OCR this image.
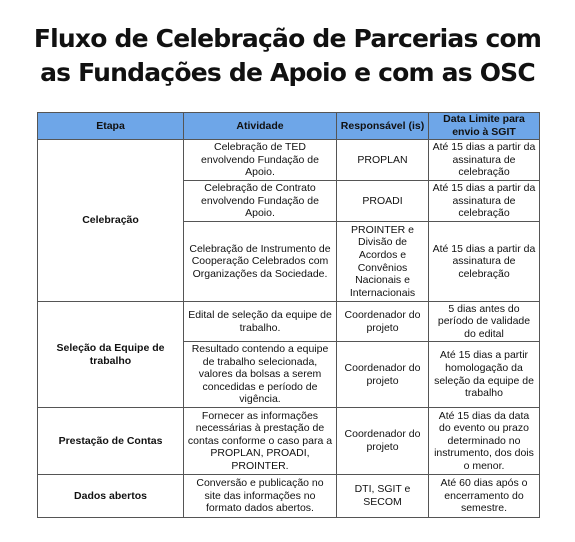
Fluxo de Celebração de Parcerias com
as Fundações de Apoio e com as OSC
Etapa	Atividade	Responsável (is)	Data Limite para envio à SGIT
Celebração	Celebração de TED envolvendo Fundação de Apoio.	PROPLAN	Até 15 dias a partir da assinatura de celebração
	Celebração de Contrato envolvendo Fundação de Apoio.	PROADI	Até 15 dias a partir da assinatura de celebração
	Celebração de Instrumento de Cooperação Celebrados com Organizações da Sociedade.	PROINTER e Divisão de Acordos e Convênios Nacionais e Internacionais	Até 15 dias a partir da assinatura de celebração
Seleção da Equipe de trabalho	Edital de seleção da equipe de trabalho.	Coordenador do projeto	5 dias antes do período de validade do edital
	Resultado contendo a equipe de trabalho selecionada, valores da bolsas a serem concedidas e período de vigência.	Coordenador do projeto	Até 15 dias a partir homologação da seleção da equipe de trabalho
Prestação de Contas	Fornecer as informações necessárias à prestação de contas conforme o caso para a PROPLAN, PROADI, PROINTER.	Coordenador do projeto	Até 15 dias da data do evento ou prazo determinado no instrumento, dos dois o menor.
Dados abertos	Conversão e publicação no site das informações no formato dados abertos.	DTI, SGIT e SECOM	Até 60 dias após o encerramento do semestre.
